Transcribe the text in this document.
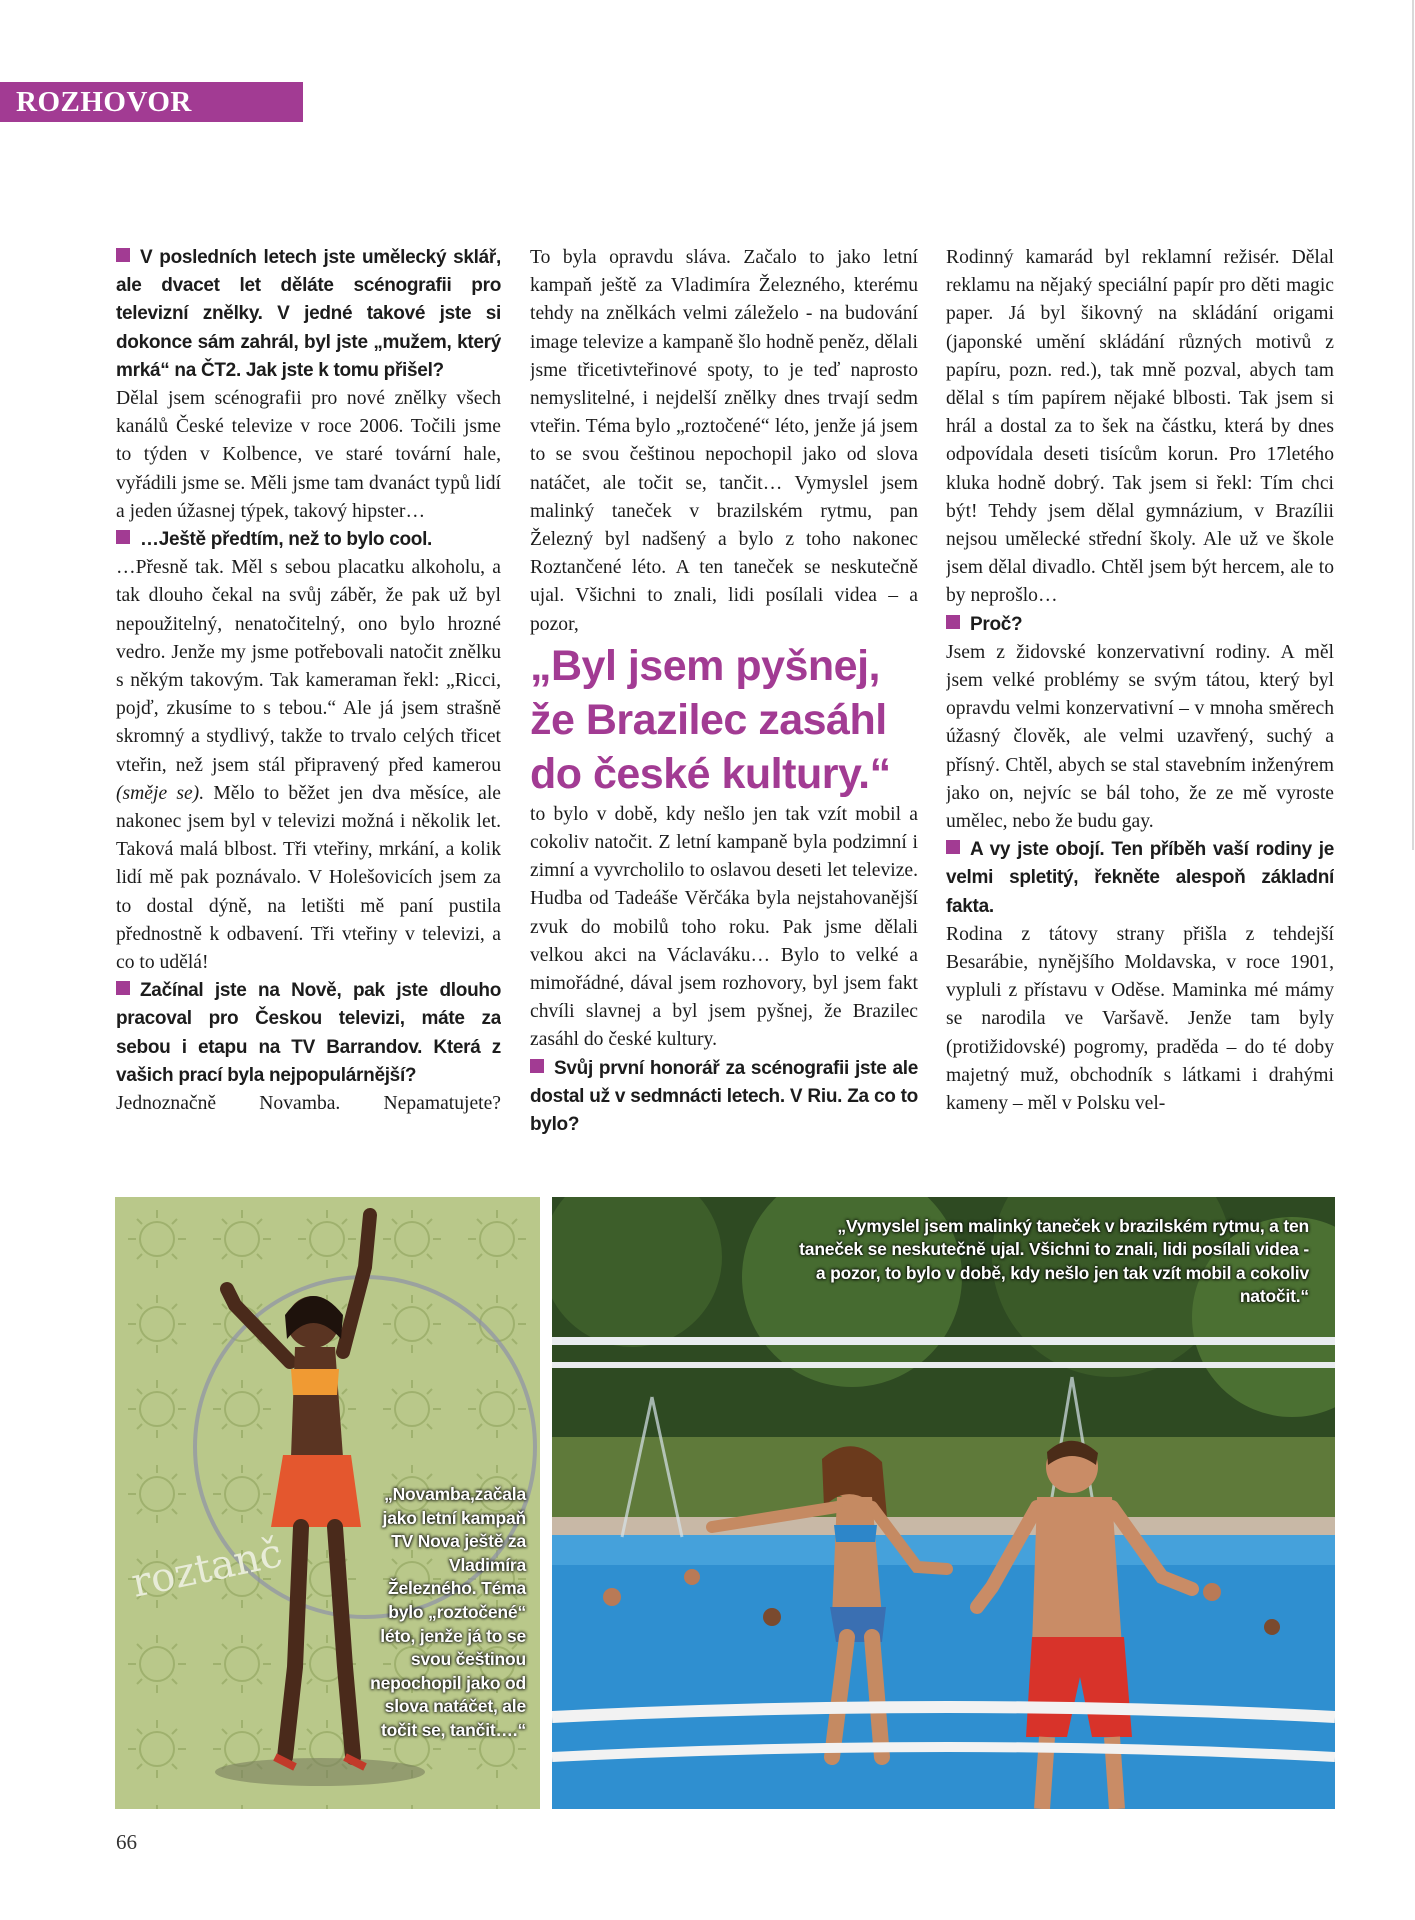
ROZHOVOR

V posledních letech jste umělecký sklář, ale dvacet let děláte scénografii pro televizní znělky. V jedné takové jste si dokonce sám zahrál, byl jste „mužem, který mrká“ na ČT2. Jak jste k tomu přišel?

Dělal jsem scénografii pro nové znělky všech kanálů České televize v roce 2006. Točili jsme to týden v Kolbence, ve staré tovární hale, vyřádili jsme se. Měli jsme tam dvanáct typů lidí a jeden úžasnej týpek, takový hipster…

…Ještě předtím, než to bylo cool.

…Přesně tak. Měl s sebou placatku alkoholu, a tak dlouho čekal na svůj záběr, že pak už byl nepoužitelný, nenatočitelný, ono bylo hrozné vedro. Jenže my jsme potřebovali natočit znělku s někým takovým. Tak kameraman řekl: „Ricci, pojď, zkusíme to s tebou.“ Ale já jsem strašně skromný a stydlivý, takže to trvalo celých třicet vteřin, než jsem stál připravený před kamerou (směje se). Mělo to běžet jen dva měsíce, ale nakonec jsem byl v televizi možná i několik let. Taková malá blbost. Tři vteřiny, mrkání, a kolik lidí mě pak poznávalo. V Holešovicích jsem za to dostal dýně, na letišti mě paní pustila přednostně k odbavení. Tři vteřiny v televizi, a co to udělá!

Začínal jste na Nově, pak jste dlouho pracoval pro Českou televizi, máte za sebou i etapu na TV Barrandov. Která z vašich prací byla nejpopulárnější?

Jednoznačně Novamba. Nepamatujete?

To byla opravdu sláva. Začalo to jako letní kampaň ještě za Vladimíra Železného, kterému tehdy na znělkách velmi záleželo - na budování image televize a kampaně šlo hodně peněz, dělali jsme třicetivteřinové spoty, to je teď naprosto nemyslitelné, i nejdelší znělky dnes trvají sedm vteřin. Téma bylo „roztočené“ léto, jenže já jsem to se svou češtinou nepochopil jako od slova natáčet, ale točit se, tančit… Vymyslel jsem malinký taneček v brazilském rytmu, pan Železný byl nadšený a bylo z toho nakonec Roztančené léto. A ten taneček se neskutečně ujal. Všichni to znali, lidi posílali videa – a pozor,

„Byl jsem pyšnej, že Brazilec zasáhl do české kultury.“

to bylo v době, kdy nešlo jen tak vzít mobil a cokoliv natočit. Z letní kampaně byla podzimní i zimní a vyvrcholilo to oslavou deseti let televize. Hudba od Tadeáše Věrčáka byla nejstahovanější zvuk do mobilů toho roku. Pak jsme dělali velkou akci na Václaváku… Bylo to velké a mimořádné, dával jsem rozhovory, byl jsem fakt chvíli slavnej a byl jsem pyšnej, že Brazilec zasáhl do české kultury.

Svůj první honorář za scénografii jste ale dostal už v sedmnácti letech. V Riu. Za co to bylo?

Rodinný kamarád byl reklamní režisér. Dělal reklamu na nějaký speciální papír pro děti magic paper. Já byl šikovný na skládání origami (japonské umění skládání různých motivů z papíru, pozn. red.), tak mně pozval, abych tam dělal s tím papírem nějaké blbosti. Tak jsem si hrál a dostal za to šek na částku, která by dnes odpovídala deseti tisícům korun. Pro 17letého kluka hodně dobrý. Tak jsem si řekl: Tím chci být! Tehdy jsem dělal gymnázium, v Brazílii nejsou umělecké střední školy. Ale už ve škole jsem dělal divadlo. Chtěl jsem být hercem, ale to by neprošlo…

Proč?

Jsem z židovské konzervativní rodiny. A měl jsem velké problémy se svým tátou, který byl opravdu velmi konzervativní – v mnoha směrech úžasný člověk, ale velmi uzavřený, suchý a přísný. Chtěl, abych se stal stavebním inženýrem jako on, nejvíc se bál toho, že ze mě vyroste umělec, nebo že budu gay.

A vy jste obojí. Ten příběh vaší rodiny je velmi spletitý, řekněte alespoň základní fakta.

Rodina z tátovy strany přišla z tehdejší Besarábie, nynějšího Moldavska, v roce 1901, vypluli z přístavu v Oděse. Maminka mé mámy se narodila ve Varšavě. Jenže tam byly (protižidovské) pogromy, praděda – do té doby majetný muž, obchodník s látkami i drahými kameny – měl v Polsku vel-

roztanč

„Novamba,začala jako letní kampaň TV Nova ještě za Vladimíra Železného. Téma bylo „roztočené“ léto, jenže já to se svou češtinou nepochopil jako od slova natáčet, ale točit se, tančit….“

„Vymyslel jsem malinký taneček v brazilském rytmu, a ten taneček se neskutečně ujal. Všichni to znali, lidi posílali videa - a pozor, to bylo v době, kdy nešlo jen tak vzít mobil a cokoliv natočit.“

66
